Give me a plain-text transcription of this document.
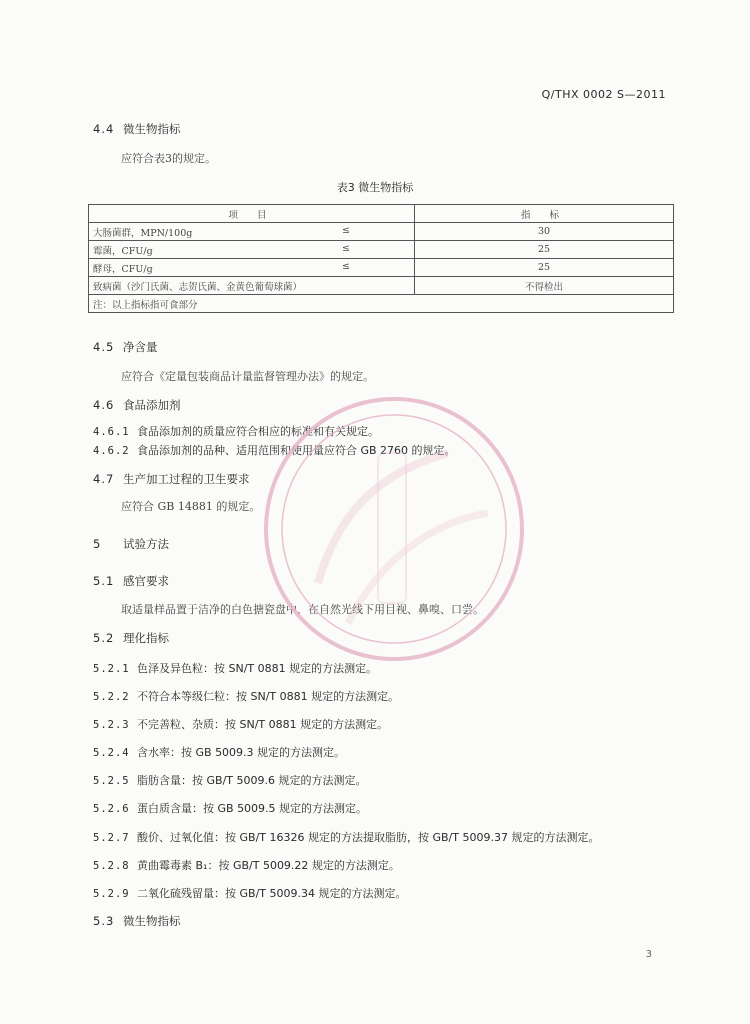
Q/THX 0002 S—2011
4.4 微生物指标
应符合表3的规定。
表3 微生物指标
项 目	指 标
大肠菌群，MPN/100g ≤	30
霉菌，CFU/g ≤	25
酵母，CFU/g ≤	25
致病菌（沙门氏菌、志贺氏菌、金黄色葡萄球菌）	不得检出
注：以上指标指可食部分	
4.5 净含量
应符合《定量包装商品计量监督管理办法》的规定。
4.6 食品添加剂
4.6.1 食品添加剂的质量应符合相应的标准和有关规定。
4.6.2 食品添加剂的品种、适用范围和使用量应符合 GB 2760 的规定。
4.7 生产加工过程的卫生要求
应符合 GB 14881 的规定。
5 试验方法
5.1 感官要求
取适量样品置于洁净的白色搪瓷盘中，在自然光线下用目视、鼻嗅、口尝。
5.2 理化指标
5.2.1 色泽及异色粒：按 SN/T 0881 规定的方法测定。
5.2.2 不符合本等级仁粒：按 SN/T 0881 规定的方法测定。
5.2.3 不完善粒、杂质：按 SN/T 0881 规定的方法测定。
5.2.4 含水率：按 GB 5009.3 规定的方法测定。
5.2.5 脂肪含量：按 GB/T 5009.6 规定的方法测定。
5.2.6 蛋白质含量：按 GB 5009.5 规定的方法测定。
5.2.7 酸价、过氧化值：按 GB/T 16326 规定的方法提取脂肪，按 GB/T 5009.37 规定的方法测定。
5.2.8 黄曲霉毒素 B₁：按 GB/T 5009.22 规定的方法测定。
5.2.9 二氧化硫残留量：按 GB/T 5009.34 规定的方法测定。
5.3 微生物指标
3
